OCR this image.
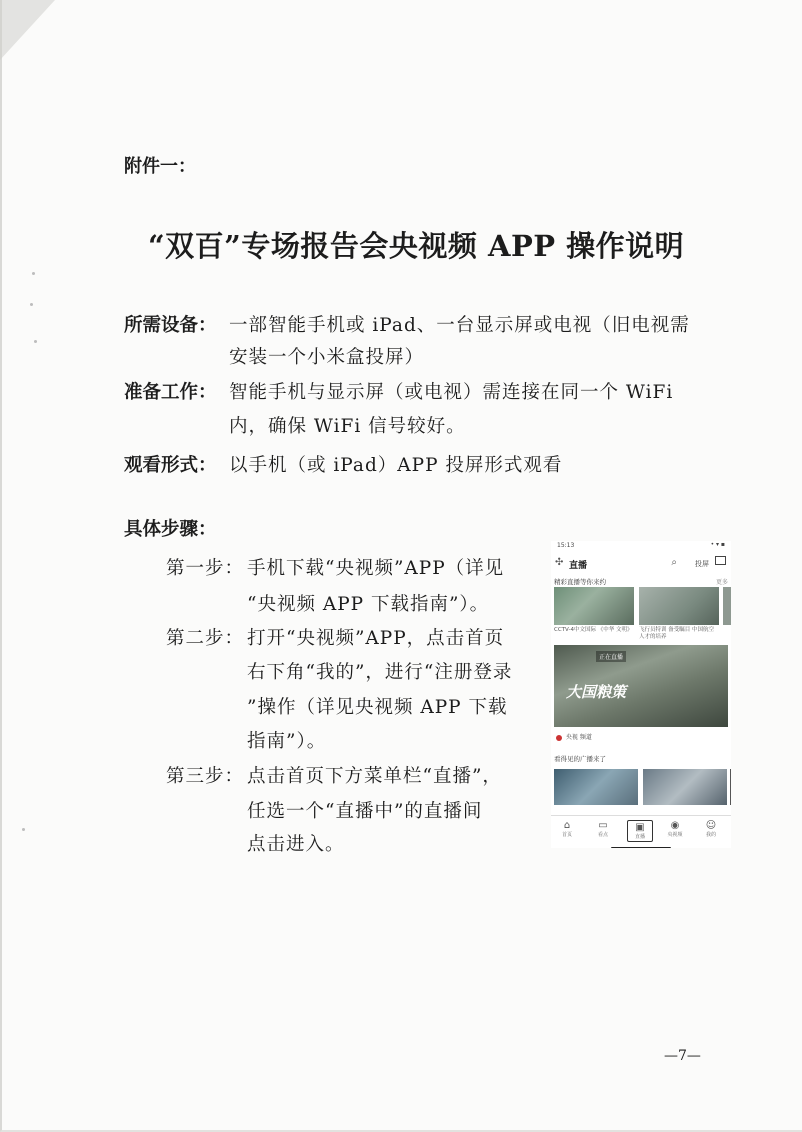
附件一：
“双百”专场报告会央视频 APP 操作说明
所需设备： 一部智能手机或 iPad、一台显示屏或电视（旧电视需
安装一个小米盒投屏）
准备工作： 智能手机与显示屏（或电视）需连接在同一个 WiFi
内，确保 WiFi 信号较好。
观看形式： 以手机（或 iPad）APP 投屏形式观看
具体步骤：
第一步： 手机下载“央视频”APP（详见
“央视频 APP 下载指南”）。
第二步： 打开“央视频”APP，点击首页
右下角“我的”，进行“注册登录
”操作（详见央视频 APP 下载
指南”）。
第三步： 点击首页下方菜单栏“直播”，
任选一个“直播中”的直播间
点击进入。
15:13	• ▾ ▪
✣ 直播	⌕	投屏
精彩直播等你来约	更多
CCTV-4中文国际 《中华 文明》 飞行员特训 备受瞩目 中国航空人才的培养
正在直播
大国粮策
央视 频道
看得见的广播来了
⌂
首页
▭
看点
▣
直播
◉
央视频
☺
我的
—7—
